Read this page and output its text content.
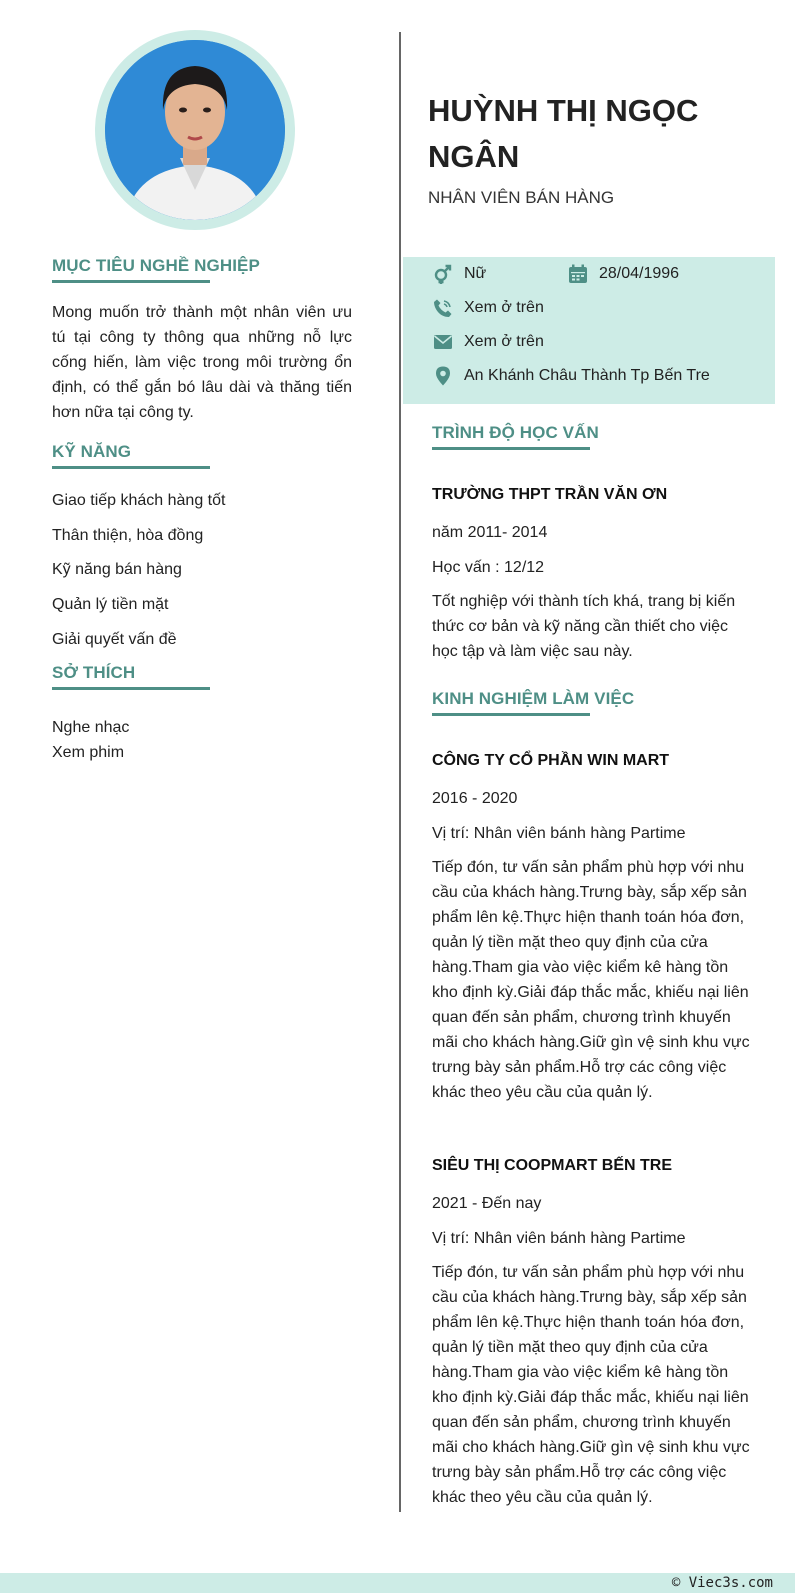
MỤC TIÊU NGHỀ NGHIỆP
Mong muốn trở thành một nhân viên ưu tú tại công ty thông qua những nỗ lực cống hiến, làm việc trong môi trường ổn định, có thể gắn bó lâu dài và thăng tiến hơn nữa tại công ty.
KỸ NĂNG
Giao tiếp khách hàng tốt
Thân thiện, hòa đồng
Kỹ năng bán hàng
Quản lý tiền mặt
Giải quyết vấn đề
SỞ THÍCH
Nghe nhạc
Xem phim
HUỲNH THỊ NGỌC
NGÂN
NHÂN VIÊN BÁN HÀNG
Nữ	28/04/1996
Xem ở trên
Xem ở trên
An Khánh Châu Thành Tp Bến Tre
TRÌNH ĐỘ HỌC VẤN
TRƯỜNG THPT TRẦN VĂN ƠN
năm 2011- 2014
Học vấn : 12/12
Tốt nghiệp với thành tích khá, trang bị kiến thức cơ bản và kỹ năng cần thiết cho việc học tập và làm việc sau này.
KINH NGHIỆM LÀM VIỆC
CÔNG TY CỔ PHẦN WIN MART
2016 - 2020
Vị trí: Nhân viên bánh hàng Partime
Tiếp đón, tư vấn sản phẩm phù hợp với nhu cầu của khách hàng.Trưng bày, sắp xếp sản phẩm lên kệ.Thực hiện thanh toán hóa đơn, quản lý tiền mặt theo quy định của cửa hàng.Tham gia vào việc kiểm kê hàng tồn kho định kỳ.Giải đáp thắc mắc, khiếu nại liên quan đến sản phẩm, chương trình khuyến mãi cho khách hàng.Giữ gìn vệ sinh khu vực trưng bày sản phẩm.Hỗ trợ các công việc khác theo yêu cầu của quản lý.
SIÊU THỊ COOPMART BẾN TRE
2021 - Đến nay
Vị trí: Nhân viên bánh hàng Partime
Tiếp đón, tư vấn sản phẩm phù hợp với nhu cầu của khách hàng.Trưng bày, sắp xếp sản phẩm lên kệ.Thực hiện thanh toán hóa đơn, quản lý tiền mặt theo quy định của cửa hàng.Tham gia vào việc kiểm kê hàng tồn kho định kỳ.Giải đáp thắc mắc, khiếu nại liên quan đến sản phẩm, chương trình khuyến mãi cho khách hàng.Giữ gìn vệ sinh khu vực trưng bày sản phẩm.Hỗ trợ các công việc khác theo yêu cầu của quản lý.
© Viec3s.com
